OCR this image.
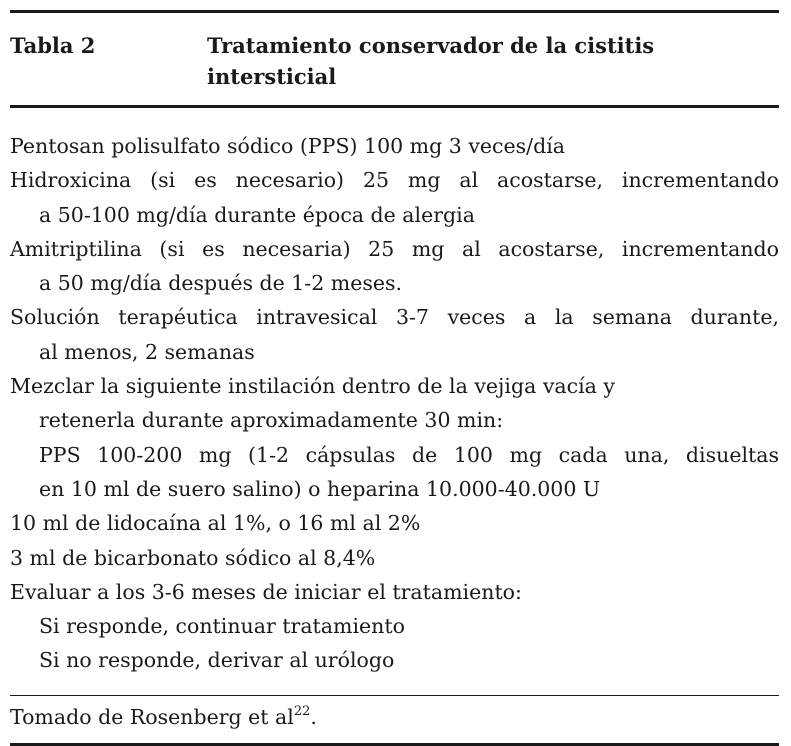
Tabla 2	Tratamiento conservador de la cistitis
intersticial
Pentosan polisulfato sódico (PPS) 100 mg 3 veces/día
Hidroxicina (si es necesario) 25 mg al acostarse, incrementando
a 50-100 mg/día durante época de alergia
Amitriptilina (si es necesaria) 25 mg al acostarse, incrementando
a 50 mg/día después de 1-2 meses.
Solución terapéutica intravesical 3-7 veces a la semana durante,
al menos, 2 semanas
Mezclar la siguiente instilación dentro de la vejiga vacía y
retenerla durante aproximadamente 30 min:
PPS 100-200 mg (1-2 cápsulas de 100 mg cada una, disueltas
en 10 ml de suero salino) o heparina 10.000-40.000 U
10 ml de lidocaína al 1%, o 16 ml al 2%
3 ml de bicarbonato sódico al 8,4%
Evaluar a los 3-6 meses de iniciar el tratamiento:
Si responde, continuar tratamiento
Si no responde, derivar al urólogo
Tomado de Rosenberg et $al^{22}$.
